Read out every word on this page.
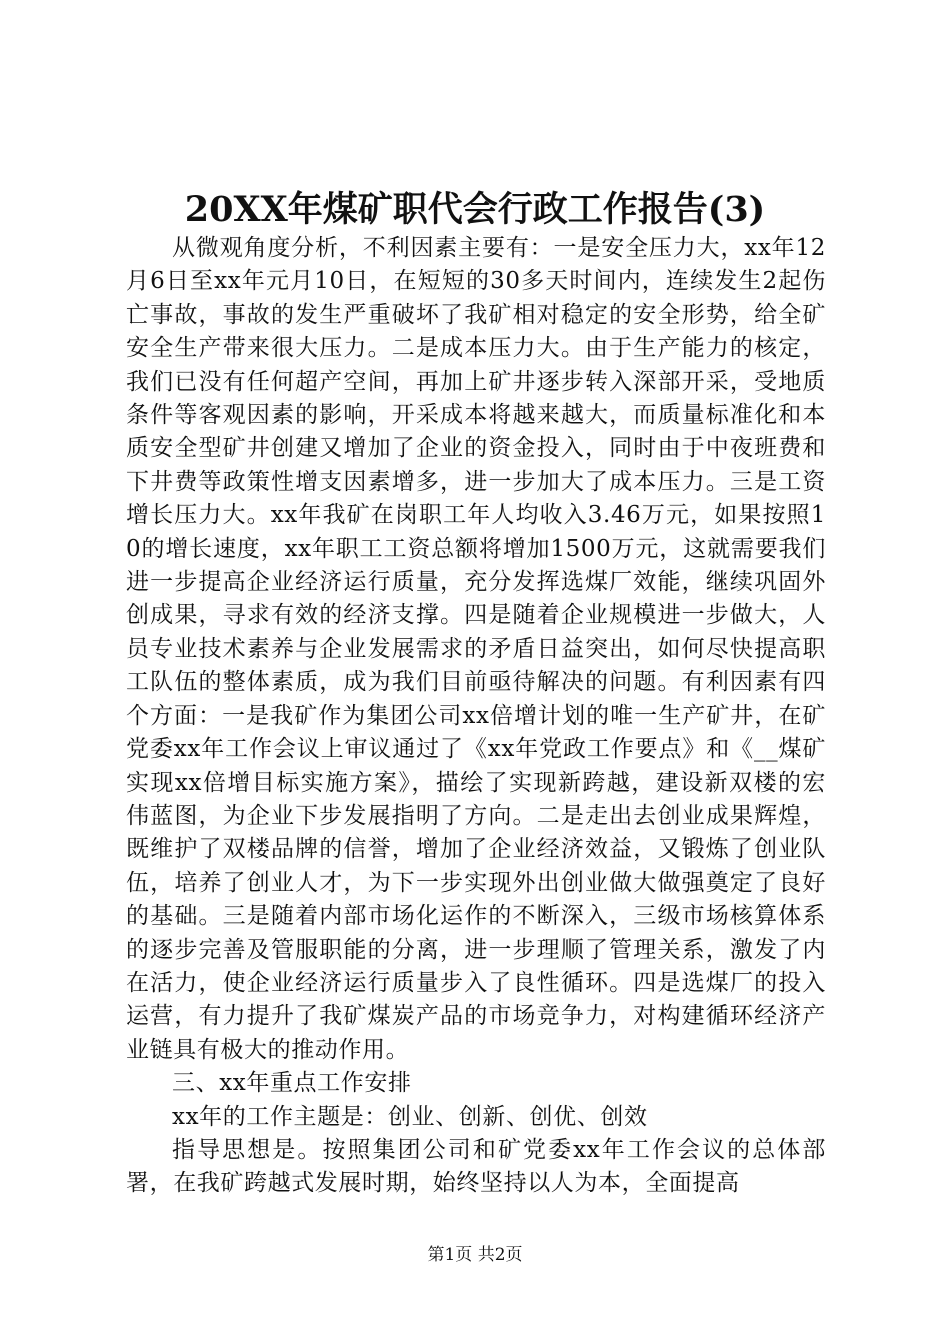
20XX年煤矿职代会行政工作报告(3)

从微观角度分析，不利因素主要有：一是安全压力大，xx年12月6日至xx年元月10日，在短短的30多天时间内，连续发生2起伤亡事故，事故的发生严重破坏了我矿相对稳定的安全形势，给全矿安全生产带来很大压力。二是成本压力大。由于生产能力的核定，我们已没有任何超产空间，再加上矿井逐步转入深部开采，受地质条件等客观因素的影响，开采成本将越来越大，而质量标准化和本质安全型矿井创建又增加了企业的资金投入，同时由于中夜班费和下井费等政策性增支因素增多，进一步加大了成本压力。三是工资增长压力大。xx年我矿在岗职工年人均收入3.46万元，如果按照10的增长速度，xx年职工工资总额将增加1500万元，这就需要我们进一步提高企业经济运行质量，充分发挥选煤厂效能，继续巩固外创成果，寻求有效的经济支撑。四是随着企业规模进一步做大，人员专业技术素养与企业发展需求的矛盾日益突出，如何尽快提高职工队伍的整体素质，成为我们目前亟待解决的问题。有利因素有四个方面：一是我矿作为集团公司xx倍增计划的唯一生产矿井，在矿党委xx年工作会议上审议通过了《xx年党政工作要点》和《__煤矿实现xx倍增目标实施方案》，描绘了实现新跨越，建设新双楼的宏伟蓝图，为企业下步发展指明了方向。二是走出去创业成果辉煌，既维护了双楼品牌的信誉，增加了企业经济效益，又锻炼了创业队伍，培养了创业人才，为下一步实现外出创业做大做强奠定了良好的基础。三是随着内部市场化运作的不断深入，三级市场核算体系的逐步完善及管服职能的分离，进一步理顺了管理关系，激发了内在活力，使企业经济运行质量步入了良性循环。四是选煤厂的投入运营，有力提升了我矿煤炭产品的市场竞争力，对构建循环经济产业链具有极大的推动作用。

三、xx年重点工作安排

xx年的工作主题是：创业、创新、创优、创效

指导思想是。按照集团公司和矿党委xx年工作会议的总体部署，在我矿跨越式发展时期，始终坚持以人为本，全面提高

第1页 共2页
